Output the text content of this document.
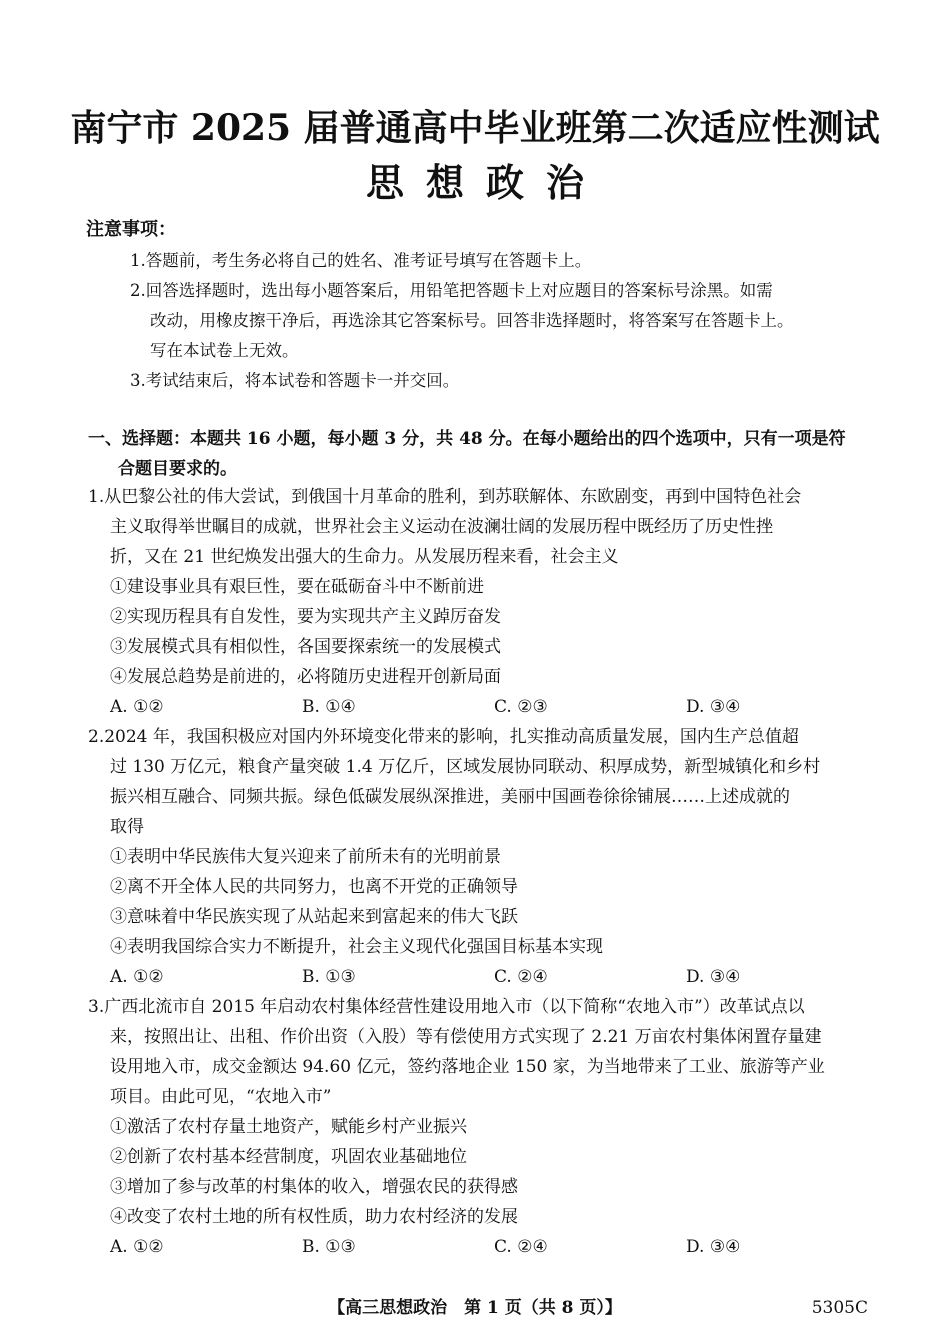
南宁市 2025 届普通高中毕业班第二次适应性测试
思想政治
注意事项：

1.答题前，考生务必将自己的姓名、准考证号填写在答题卡上。

2.回答选择题时，选出每小题答案后，用铅笔把答题卡上对应题目的答案标号涂黑。如需
改动，用橡皮擦干净后，再选涂其它答案标号。回答非选择题时，将答案写在答题卡上。
写在本试卷上无效。

3.考试结束后，将本试卷和答题卡一并交回。

一、选择题：本题共 16 小题，每小题 3 分，共 48 分。在每小题给出的四个选项中，只有一项是符
合题目要求的。

1.从巴黎公社的伟大尝试，到俄国十月革命的胜利，到苏联解体、东欧剧变，再到中国特色社会
主义取得举世瞩目的成就，世界社会主义运动在波澜壮阔的发展历程中既经历了历史性挫
折，又在 21 世纪焕发出强大的生命力。从发展历程来看，社会主义

①建设事业具有艰巨性，要在砥砺奋斗中不断前进

②实现历程具有自发性，要为实现共产主义踔厉奋发

③发展模式具有相似性，各国要探索统一的发展模式

④发展总趋势是前进的，必将随历史进程开创新局面

A. ①②	B. ①④	C. ②③	D. ③④

2.2024 年，我国积极应对国内外环境变化带来的影响，扎实推动高质量发展，国内生产总值超
过 130 万亿元，粮食产量突破 1.4 万亿斤，区域发展协同联动、积厚成势，新型城镇化和乡村
振兴相互融合、同频共振。绿色低碳发展纵深推进，美丽中国画卷徐徐铺展……上述成就的
取得

①表明中华民族伟大复兴迎来了前所未有的光明前景

②离不开全体人民的共同努力，也离不开党的正确领导

③意味着中华民族实现了从站起来到富起来的伟大飞跃

④表明我国综合实力不断提升，社会主义现代化强国目标基本实现

A. ①②	B. ①③	C. ②④	D. ③④

3.广西北流市自 2015 年启动农村集体经营性建设用地入市（以下简称“农地入市”）改革试点以
来，按照出让、出租、作价出资（入股）等有偿使用方式实现了 2.21 万亩农村集体闲置存量建
设用地入市，成交金额达 94.60 亿元，签约落地企业 150 家，为当地带来了工业、旅游等产业
项目。由此可见，“农地入市”

①激活了农村存量土地资产，赋能乡村产业振兴

②创新了农村基本经营制度，巩固农业基础地位

③增加了参与改革的村集体的收入，增强农民的获得感

④改变了农村土地的所有权性质，助力农村经济的发展

A. ①②	B. ①③	C. ②④	D. ③④

【高三思想政治　第 1 页（共 8 页）】	5305C
